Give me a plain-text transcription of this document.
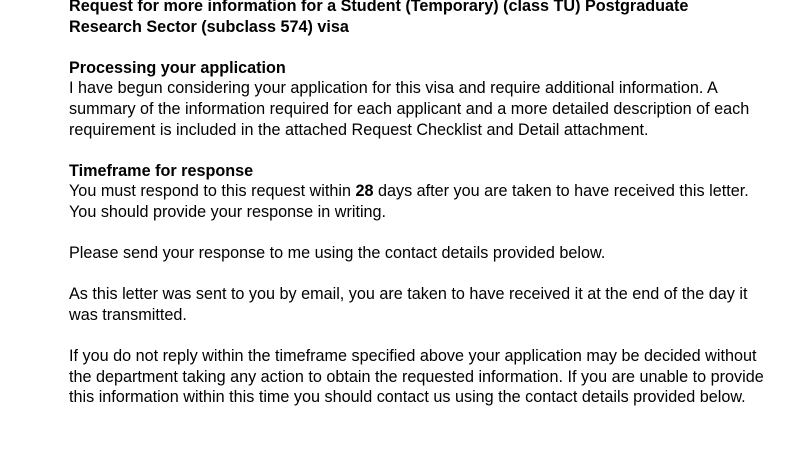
Request for more information for a Student (Temporary) (class TU) Postgraduate
Research Sector (subclass 574) visa
Processing your application
I have begun considering your application for this visa and require additional information. A summary of the information required for each applicant and a more detailed description of each requirement is included in the attached Request Checklist and Detail attachment.
Timeframe for response
You must respond to this request within 28 days after you are taken to have received this letter. You should provide your response in writing.
Please send your response to me using the contact details provided below.
As this letter was sent to you by email, you are taken to have received it at the end of the day it was transmitted.
If you do not reply within the timeframe specified above your application may be decided without the department taking any action to obtain the requested information. If you are unable to provide this information within this time you should contact us using the contact details provided below.
